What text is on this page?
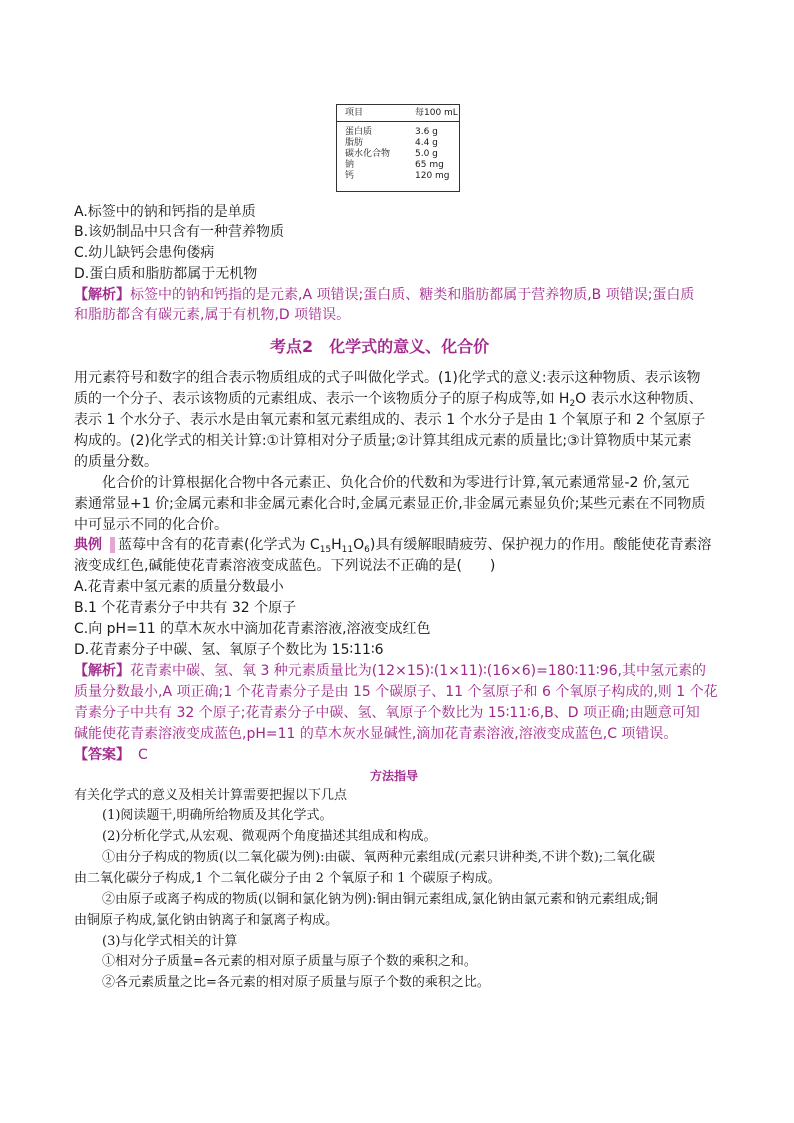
项目	每100 mL
蛋白质	3.6 g
脂肪	4.4 g
碳水化合物	5.0 g
钠	65 mg
钙	120 mg
A.标签中的钠和钙指的是单质
B.该奶制品中只含有一种营养物质
C.幼儿缺钙会患佝偻病
D.蛋白质和脂肪都属于无机物
【解析】标签中的钠和钙指的是元素,A 项错误;蛋白质、糖类和脂肪都属于营养物质,B 项错误;蛋白质
和脂肪都含有碳元素,属于有机物,D 项错误。
考点2　化学式的意义、化合价
用元素符号和数字的组合表示物质组成的式子叫做化学式。(1)化学式的意义:表示这种物质、表示该物
质的一个分子、表示该物质的元素组成、表示一个该物质分子的原子构成等,如 $H_2O$ 表示水这种物质、
表示 1 个水分子、表示水是由氧元素和氢元素组成的、表示 1 个水分子是由 1 个氧原子和 2 个氢原子
构成的。(2)化学式的相关计算:①计算相对分子质量;②计算其组成元素的质量比;③计算物质中某元素
的质量分数。
化合价的计算根据化合物中各元素正、负化合价的代数和为零进行计算,氧元素通常显-2 价,氢元
素通常显+1 价;金属元素和非金属元素化合时,金属元素显正价,非金属元素显负价;某些元素在不同物质
中可显示不同的化合价。
典例 蓝莓中含有的花青素(化学式为 $C_{15}H_{11}O_6$)具有缓解眼睛疲劳、保护视力的作用。酸能使花青素溶
液变成红色,碱能使花青素溶液变成蓝色。下列说法不正确的是(　　)
A.花青素中氢元素的质量分数最小
B.1 个花青素分子中共有 32 个原子
C.向 pH=11 的草木灰水中滴加花青素溶液,溶液变成红色
D.花青素分子中碳、氢、氧原子个数比为 15∶11∶6
【解析】花青素中碳、氢、氧 3 种元素质量比为(12×15)∶(1×11)∶(16×6)=180∶11∶96,其中氢元素的
质量分数最小,A 项正确;1 个花青素分子是由 15 个碳原子、11 个氢原子和 6 个氧原子构成的,则 1 个花
青素分子中共有 32 个原子;花青素分子中碳、氢、氧原子个数比为 15∶11∶6,B、D 项正确;由题意可知
碱能使花青素溶液变成蓝色,pH=11 的草木灰水显碱性,滴加花青素溶液,溶液变成蓝色,C 项错误。
【答案】 C
方法指导
有关化学式的意义及相关计算需要把握以下几点
(1)阅读题干,明确所给物质及其化学式。
(2)分析化学式,从宏观、微观两个角度描述其组成和构成。
①由分子构成的物质(以二氧化碳为例):由碳、氧两种元素组成(元素只讲种类,不讲个数);二氧化碳
由二氧化碳分子构成,1 个二氧化碳分子由 2 个氧原子和 1 个碳原子构成。
②由原子或离子构成的物质(以铜和氯化钠为例):铜由铜元素组成,氯化钠由氯元素和钠元素组成;铜
由铜原子构成,氯化钠由钠离子和氯离子构成。
(3)与化学式相关的计算
①相对分子质量=各元素的相对原子质量与原子个数的乘积之和。
②各元素质量之比=各元素的相对原子质量与原子个数的乘积之比。
